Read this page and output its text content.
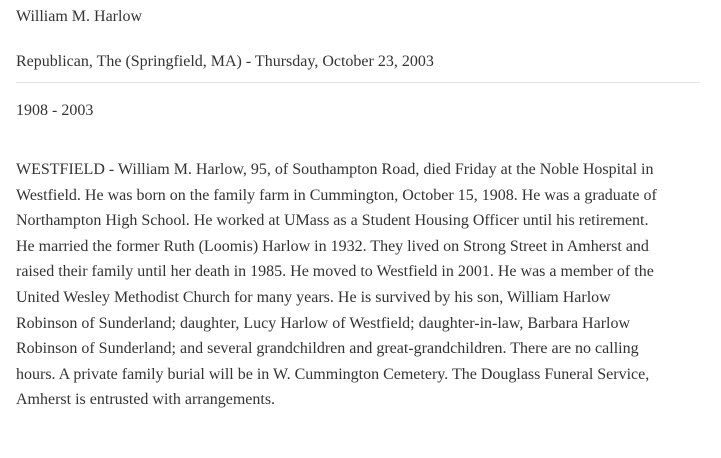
William M. Harlow
Republican, The (Springfield, MA) - Thursday, October 23, 2003
1908 - 2003
WESTFIELD - William M. Harlow, 95, of Southampton Road, died Friday at the Noble Hospital in
Westfield. He was born on the family farm in Cummington, October 15, 1908. He was a graduate of
Northampton High School. He worked at UMass as a Student Housing Officer until his retirement.
He married the former Ruth (Loomis) Harlow in 1932. They lived on Strong Street in Amherst and
raised their family until her death in 1985. He moved to Westfield in 2001. He was a member of the
United Wesley Methodist Church for many years. He is survived by his son, William Harlow
Robinson of Sunderland; daughter, Lucy Harlow of Westfield; daughter-in-law, Barbara Harlow
Robinson of Sunderland; and several grandchildren and great-grandchildren. There are no calling
hours. A private family burial will be in W. Cummington Cemetery. The Douglass Funeral Service,
Amherst is entrusted with arrangements.
